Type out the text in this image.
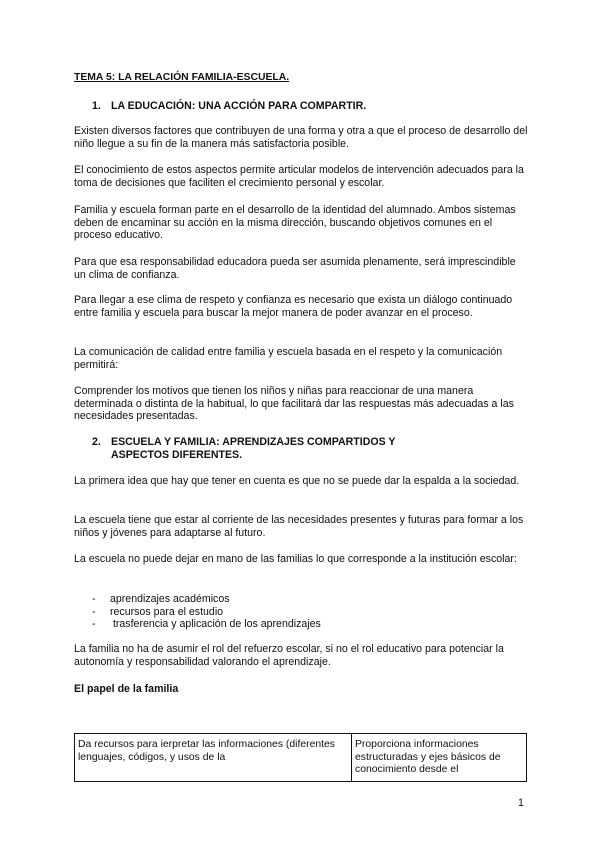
TEMA 5: LA RELACIÓN FAMILIA-ESCUELA.
1. LA EDUCACIÓN: UNA ACCIÓN PARA COMPARTIR.
Existen diversos factores que contribuyen de una forma y otra a que el proceso de desarrollo del niño llegue a su fin de la manera más satisfactoria posible.
El conocimiento de estos aspectos permite articular modelos de intervención adecuados para la toma de decisiones que faciliten el crecimiento personal y escolar.
Familia y escuela forman parte en el desarrollo de la identidad del alumnado. Ambos sistemas deben de encaminar su acción en la misma dirección, buscando objetivos comunes en el proceso educativo.
Para que esa responsabilidad educadora pueda ser asumida plenamente, será imprescindible un clima de confianza.
Para llegar a ese clima de respeto y confianza es necesario que exista un diálogo continuado entre familia y escuela para buscar la mejor manera de poder avanzar en el proceso.
La comunicación de calidad entre familia y escuela basada en el respeto y la comunicación permitirá:
Comprender los motivos que tienen los niños y niñas para reaccionar de una manera determinada o distinta de la habitual, lo que facilitará dar las respuestas más adecuadas a las necesidades presentadas.
2. ESCUELA Y FAMILIA: APRENDIZAJES COMPARTIDOS Y ASPECTOS DIFERENTES.
La primera idea que hay que tener en cuenta es que no se puede dar la espalda a la sociedad.
La escuela tiene que estar al corriente de las necesidades presentes y futuras para formar a los niños y jóvenes para adaptarse al futuro.
La escuela no puede dejar en mano de las familias lo que corresponde a la institución escolar:
-	aprendizajes académicos
-	recursos para el estudio
-	trasferencia y aplicación de los aprendizajes
La familia no ha de asumir el rol del refuerzo escolar, si no el rol educativo para potenciar la autonomía y responsabilidad valorando el aprendizaje.
El papel de la familia
Da recursos para ierpretar las informaciones (diferentes lenguajes, códigos, y usos de la	Proporciona informaciones estructuradas y ejes básicos de conocimiento desde el
1
